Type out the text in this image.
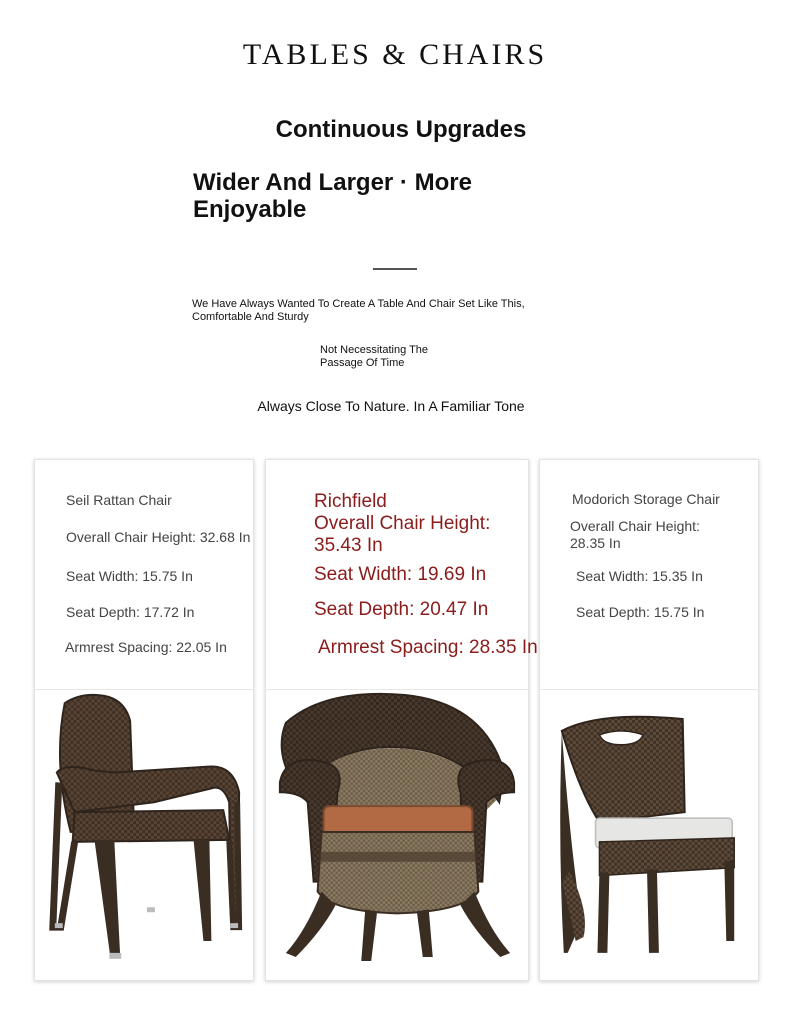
TABLES & CHAIRS
Continuous Upgrades
Wider And Larger · More Enjoyable
We Have Always Wanted To Create A Table And Chair Set Like This,
Comfortable And Sturdy
Not Necessitating The
Passage Of Time
Always Close To Nature. In A Familiar Tone
Seil Rattan Chair
Overall Chair Height: 32.68 In
Seat Width: 15.75 In
Seat Depth: 17.72 In
Armrest Spacing: 22.05 In
Richfield
Overall Chair Height:
35.43 In
Seat Width: 19.69 In
Seat Depth: 20.47 In
Armrest Spacing: 28.35 In
Modorich Storage Chair
Overall Chair Height:
28.35 In
Seat Width: 15.35 In
Seat Depth: 15.75 In
